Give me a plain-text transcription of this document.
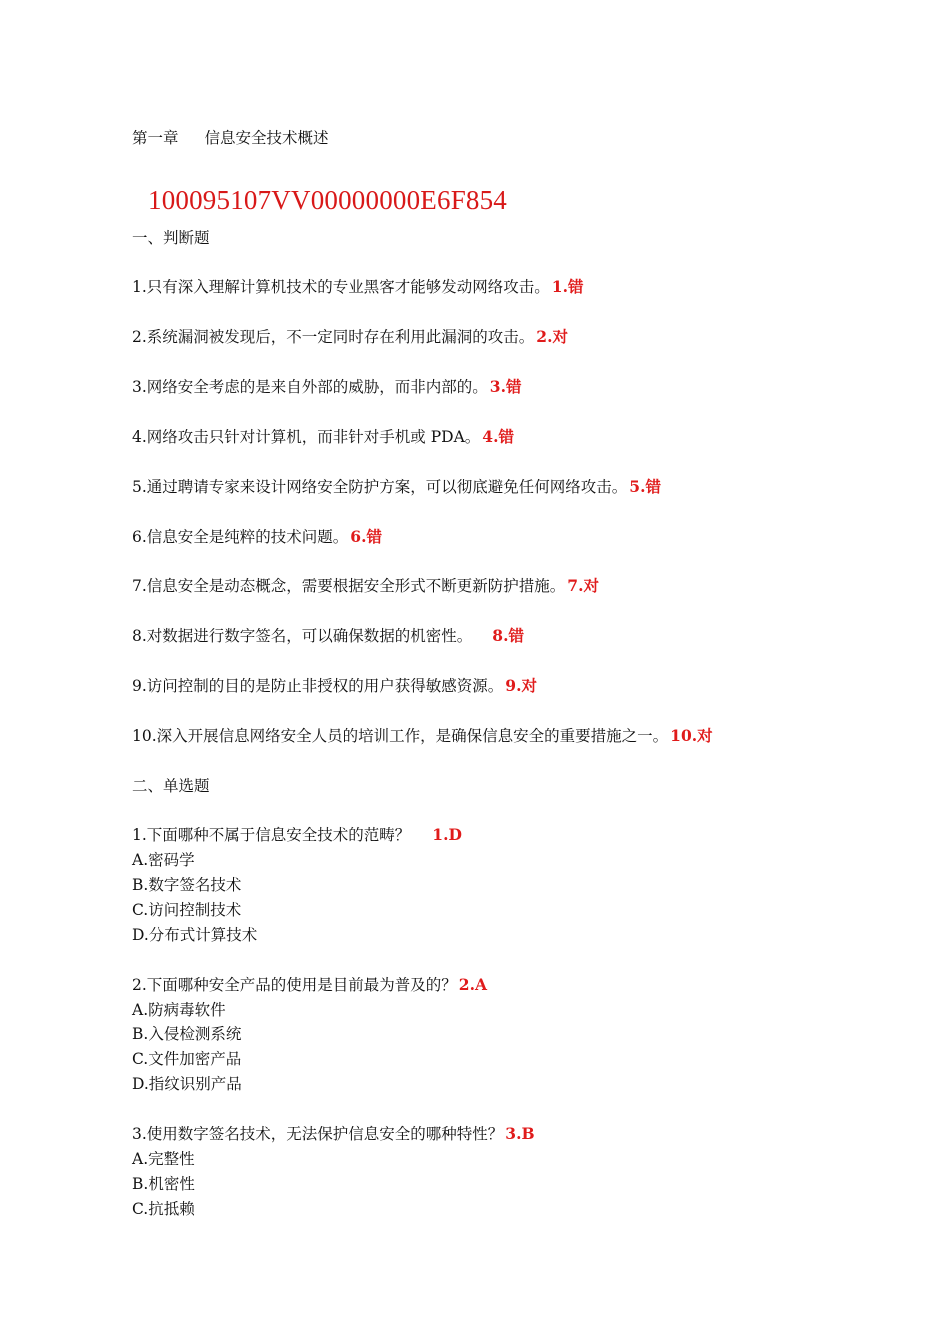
第一章 信息安全技术概述
100095107VV00000000E6F854
一、判断题
1.只有深入理解计算机技术的专业黑客才能够发动网络攻击。 1.错
2.系统漏洞被发现后，不一定同时存在利用此漏洞的攻击。 2.对
3.网络安全考虑的是来自外部的威胁，而非内部的。 3.错
4.网络攻击只针对计算机，而非针对手机或 PDA。 4.错
5.通过聘请专家来设计网络安全防护方案，可以彻底避免任何网络攻击。 5.错
6.信息安全是纯粹的技术问题。 6.错
7.信息安全是动态概念，需要根据安全形式不断更新防护措施。 7.对
8.对数据进行数字签名，可以确保数据的机密性。 8.错
9.访问控制的目的是防止非授权的用户获得敏感资源。 9.对
10.深入开展信息网络安全人员的培训工作，是确保信息安全的重要措施之一。 10.对
二、单选题
1.下面哪种不属于信息安全技术的范畴？ 1.D
A.密码学
B.数字签名技术
C.访问控制技术
D.分布式计算技术
2.下面哪种安全产品的使用是目前最为普及的？ 2.A
A.防病毒软件
B.入侵检测系统
C.文件加密产品
D.指纹识别产品
3.使用数字签名技术，无法保护信息安全的哪种特性？ 3.B
A.完整性
B.机密性
C.抗抵赖
